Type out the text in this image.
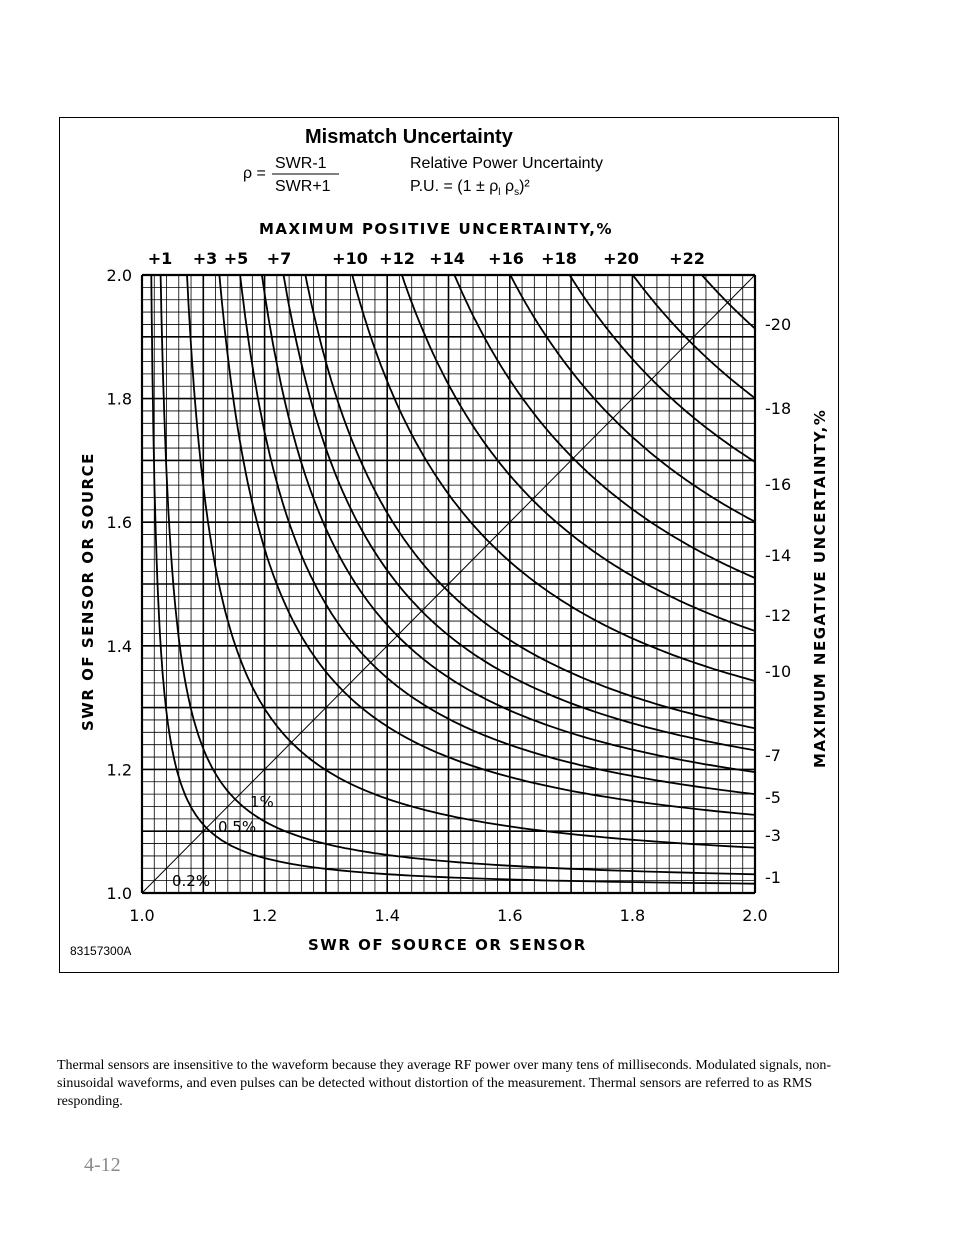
Mismatch Uncertainty
ρ =
SWR-1
SWR+1
Relative Power Uncertainty
P.U. = ($1 \pm \rho_l$ $\rho_s)^2$
MAXIMUM POSITIVE UNCERTAINTY,%
1.0	1.2	1.4	1.6	1.8	2.0
1.0
1.2
1.4
1.6
1.8
2.0
+1 +3 +5 +7	+10 +12 +14 +16 +18 +20 +22
-20
-18
-16
-14
-12
-10
-7
-5
-3
-1
0.2%
0.5%
1%
SWR OF SENSOR OR SOURCE	MAXIMUM NEGATIVE UNCERTAINTY,%
SWR OF SOURCE OR SENSOR
83157300A
Thermal sensors are insensitive to the waveform because they average RF power over many tens of milliseconds. Modulated signals, non-sinusoidal waveforms, and even pulses can be detected without distortion of the measurement. Thermal sensors are referred to as RMS responding.
4-12
